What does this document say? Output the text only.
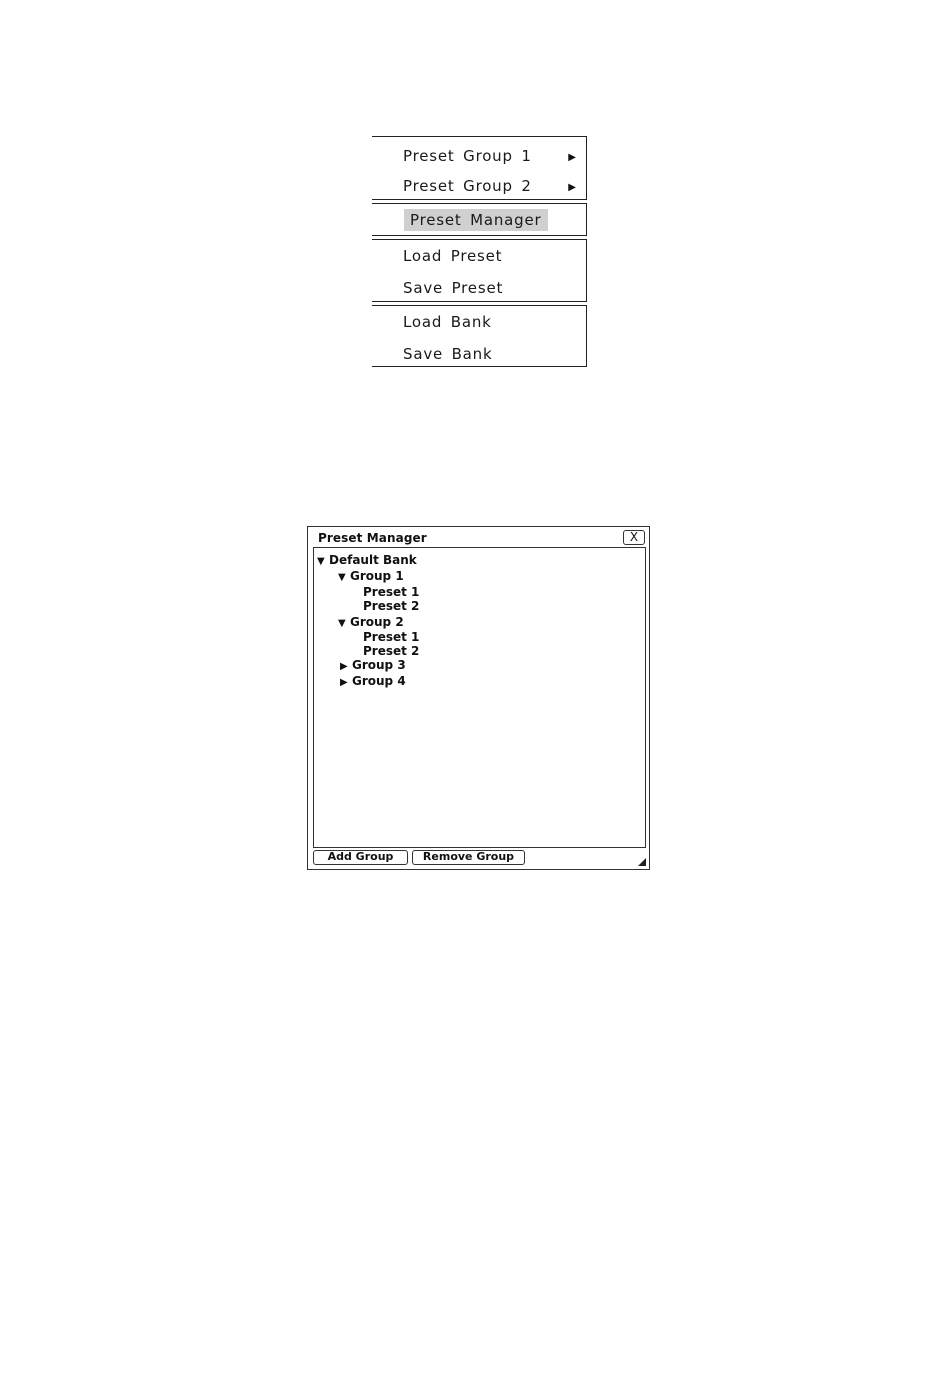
Preset Group 1	▶
Preset Group 2	▶
Preset Manager
Load Preset
Save Preset
Load Bank
Save Bank
Preset Manager	X
▼ Default Bank
▼ Group 1
Preset 1
Preset 2
▼ Group 2
Preset 1
Preset 2
▶ Group 3
▶ Group 4
Add Group	Remove Group
